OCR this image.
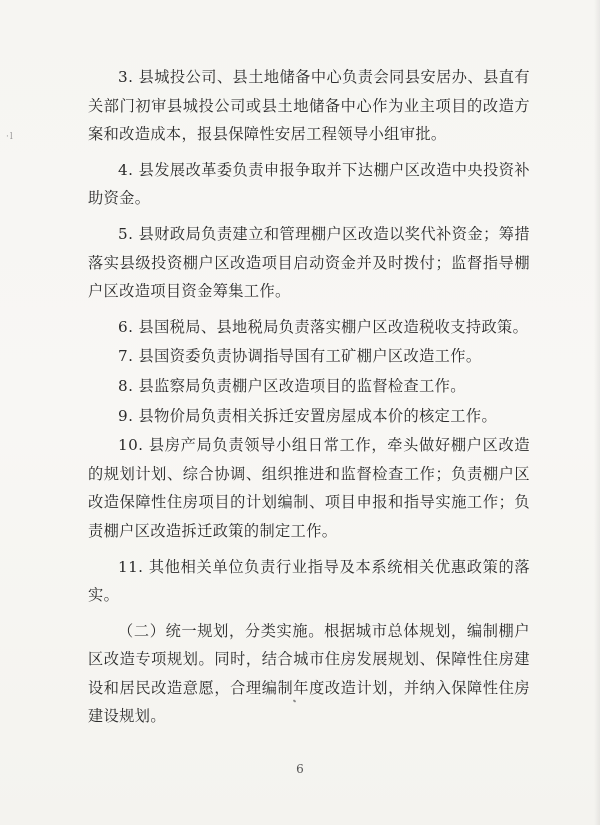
·l

3. 县城投公司、县土地储备中心负责会同县安居办、县直有关部门初审县城投公司或县土地储备中心作为业主项目的改造方案和改造成本，报县保障性安居工程领导小组审批。

4. 县发展改革委负责申报争取并下达棚户区改造中央投资补助资金。

5. 县财政局负责建立和管理棚户区改造以奖代补资金；筹措落实县级投资棚户区改造项目启动资金并及时拨付；监督指导棚户区改造项目资金筹集工作。

6. 县国税局、县地税局负责落实棚户区改造税收支持政策。

7. 县国资委负责协调指导国有工矿棚户区改造工作。

8. 县监察局负责棚户区改造项目的监督检查工作。

9. 县物价局负责相关拆迁安置房屋成本价的核定工作。

10. 县房产局负责领导小组日常工作，牵头做好棚户区改造的规划计划、综合协调、组织推进和监督检查工作；负责棚户区改造保障性住房项目的计划编制、项目申报和指导实施工作；负责棚户区改造拆迁政策的制定工作。

11. 其他相关单位负责行业指导及本系统相关优惠政策的落实。

（二）统一规划，分类实施。根据城市总体规划，编制棚户区改造专项规划。同时，结合城市住房发展规划、保障性住房建设和居民改造意愿，合理编制年度改造计划，并纳入保障性住房建设规划。

6
